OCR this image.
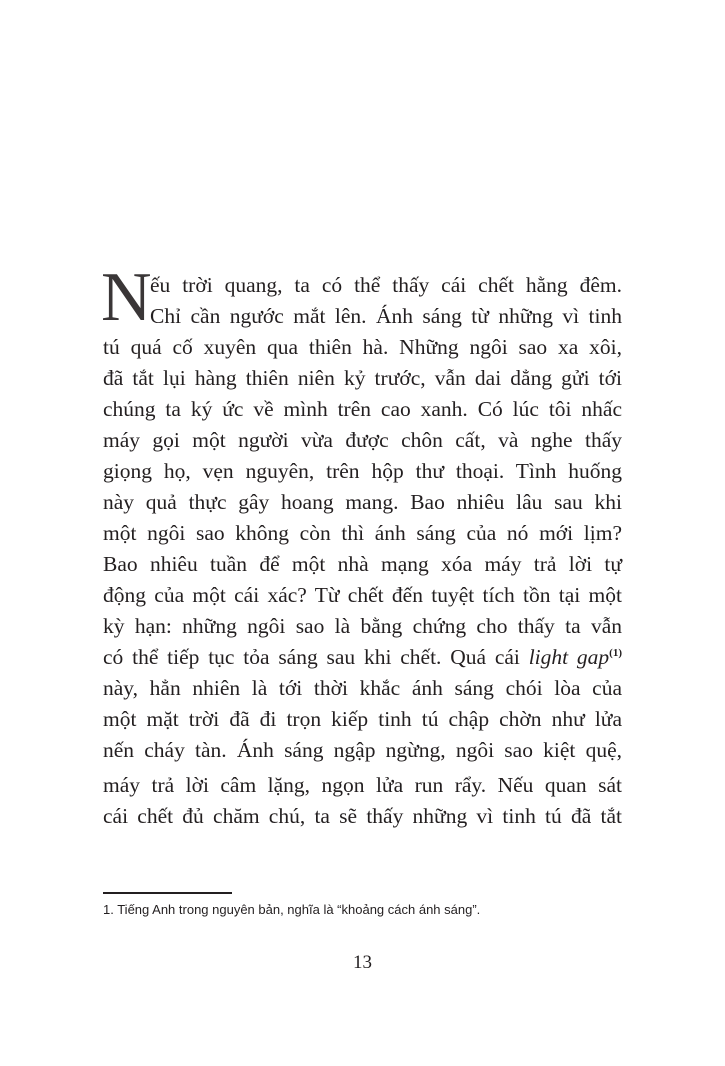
N
ếu trời quang, ta có thể thấy cái chết hằng đêm.
Chỉ cần ngước mắt lên. Ánh sáng từ những vì tinh
tú quá cố xuyên qua thiên hà. Những ngôi sao xa xôi,
đã tắt lụi hàng thiên niên kỷ trước, vẫn dai dẳng gửi tới
chúng ta ký ức về mình trên cao xanh. Có lúc tôi nhấc
máy gọi một người vừa được chôn cất, và nghe thấy
giọng họ, vẹn nguyên, trên hộp thư thoại. Tình huống
này quả thực gây hoang mang. Bao nhiêu lâu sau khi
một ngôi sao không còn thì ánh sáng của nó mới lịm?
Bao nhiêu tuần để một nhà mạng xóa máy trả lời tự
động của một cái xác? Từ chết đến tuyệt tích tồn tại một
kỳ hạn: những ngôi sao là bằng chứng cho thấy ta vẫn
có thể tiếp tục tỏa sáng sau khi chết. Quá cái light gap$^{(1)}$
này, hẳn nhiên là tới thời khắc ánh sáng chói lòa của
một mặt trời đã đi trọn kiếp tinh tú chập chờn như lửa
nến cháy tàn. Ánh sáng ngập ngừng, ngôi sao kiệt quệ,
máy trả lời câm lặng, ngọn lửa run rẩy. Nếu quan sát
cái chết đủ chăm chú, ta sẽ thấy những vì tinh tú đã tắt
1. Tiếng Anh trong nguyên bản, nghĩa là “khoảng cách ánh sáng”.
13
